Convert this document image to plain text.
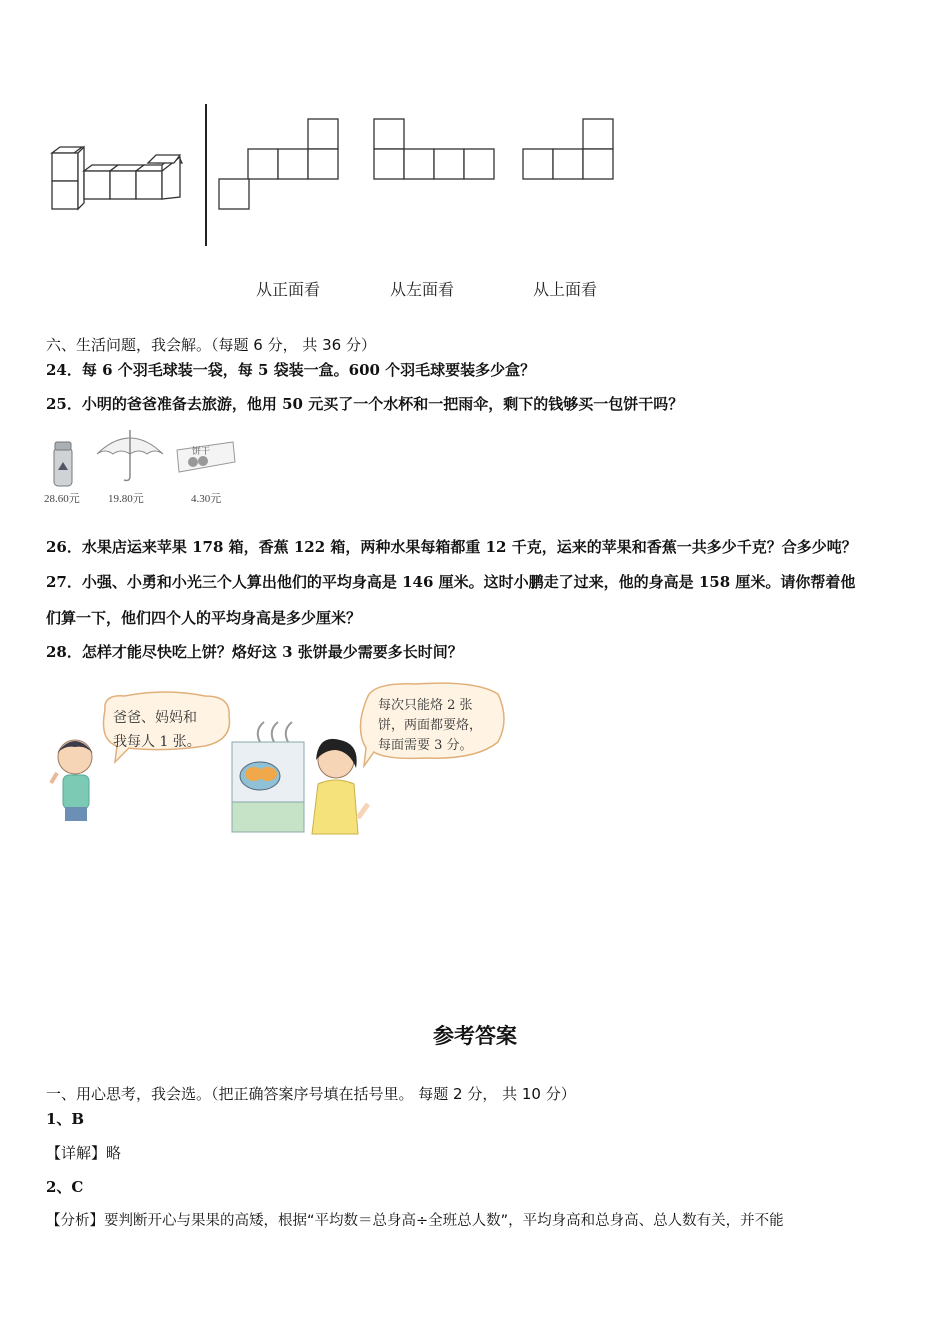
从正面看	从左面看	从上面看
六、生活问题，我会解。（每题 6 分， 共 36 分）
24．每 6 个羽毛球装一袋，每 5 袋装一盒。600 个羽毛球要装多少盒？
25．小明的爸爸准备去旅游，他用 50 元买了一个水杯和一把雨伞，剩下的钱够买一包饼干吗？
饼干
28.60元	19.80元	4.30元
26．水果店运来苹果 178 箱，香蕉 122 箱，两种水果每箱都重 12 千克，运来的苹果和香蕉一共多少千克？合多少吨？
27．小强、小勇和小光三个人算出他们的平均身高是 146 厘米。这时小鹏走了过来，他的身高是 158 厘米。请你帮着他
们算一下，他们四个人的平均身高是多少厘米？
28．怎样才能尽快吃上饼？烙好这 3 张饼最少需要多长时间？
爸爸、妈妈和
我每人 1 张。
每次只能烙 2 张
饼，两面都要烙，
每面需要 3 分。
参考答案
一、用心思考，我会选。（把正确答案序号填在括号里。 每题 2 分， 共 10 分）
1、B
【详解】略
2、C
【分析】要判断开心与果果的高矮，根据“平均数＝总身高÷全班总人数”，平均身高和总身高、总人数有关，并不能
